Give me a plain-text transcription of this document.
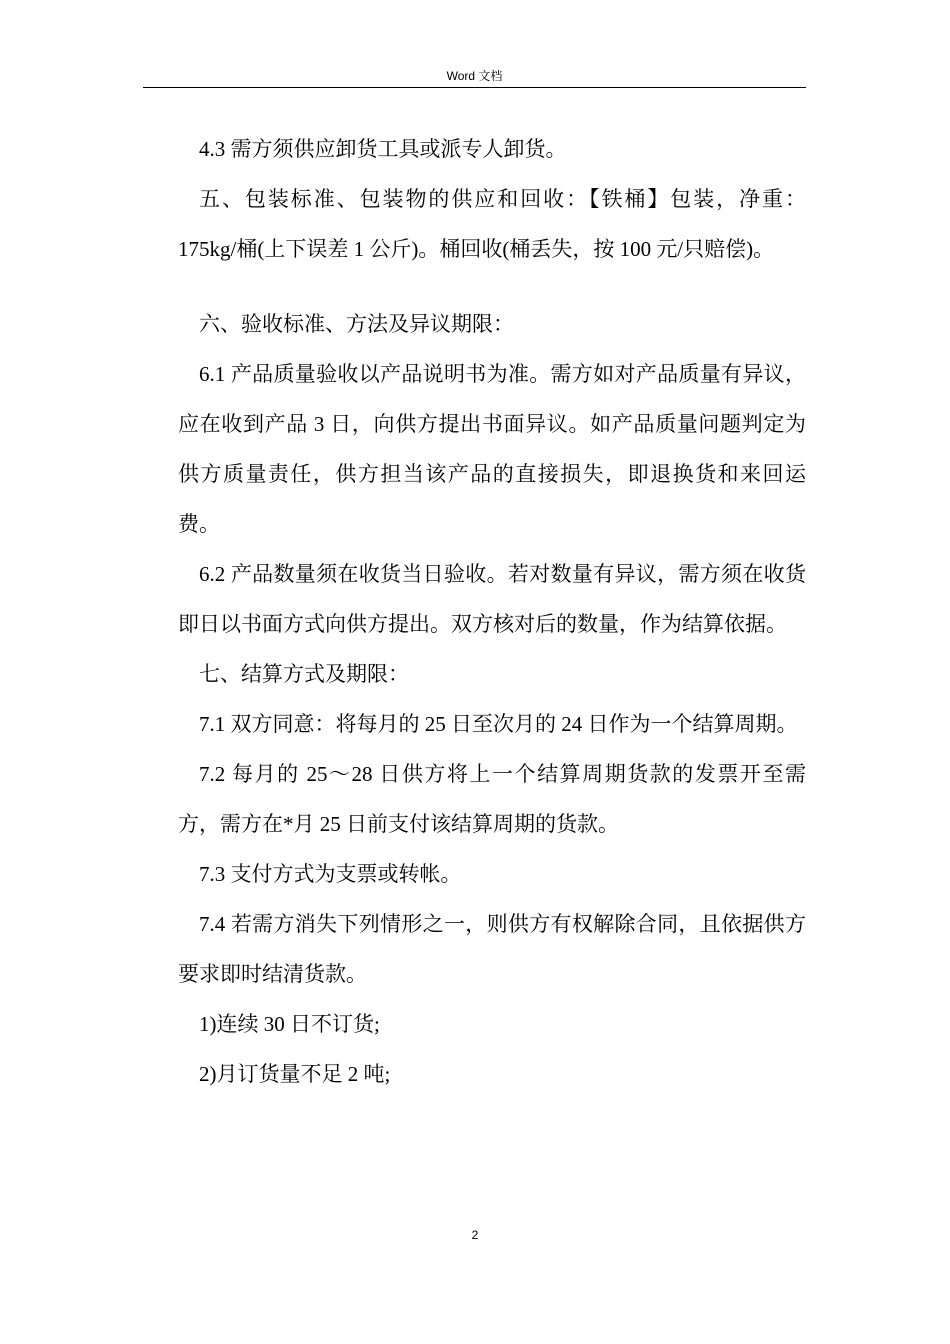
Word 文档

4.3 需方须供应卸货工具或派专人卸货。

五、包装标准、包装物的供应和回收：【铁桶】包装，净重：175kg/桶(上下误差 1 公斤)。桶回收(桶丢失，按 100 元/只赔偿)。

六、验收标准、方法及异议期限：

6.1 产品质量验收以产品说明书为准。需方如对产品质量有异议，应在收到产品 3 日，向供方提出书面异议。如产品质量问题判定为供方质量责任，供方担当该产品的直接损失，即退换货和来回运费。

6.2 产品数量须在收货当日验收。若对数量有异议，需方须在收货即日以书面方式向供方提出。双方核对后的数量，作为结算依据。

七、结算方式及期限：

7.1 双方同意：将每月的 25 日至次月的 24 日作为一个结算周期。

7.2 每月的 25～28 日供方将上一个结算周期货款的发票开至需方，需方在*月 25 日前支付该结算周期的货款。

7.3 支付方式为支票或转帐。

7.4 若需方消失下列情形之一，则供方有权解除合同，且依据供方要求即时结清货款。

1)连续 30 日不订货;

2)月订货量不足 2 吨;

2
